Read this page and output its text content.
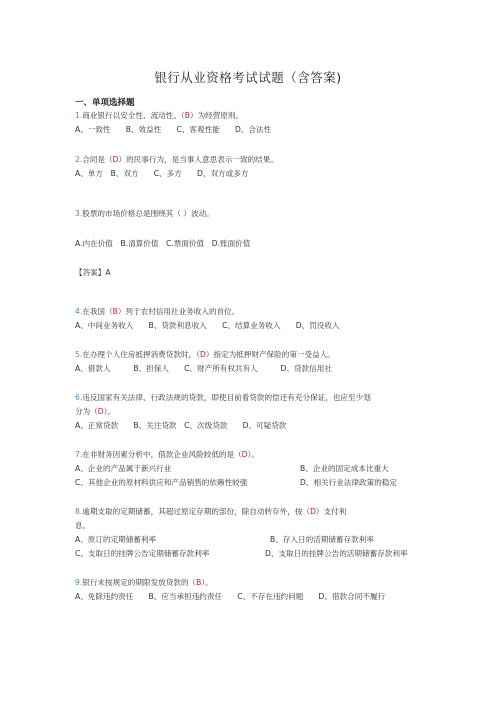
银行从业资格考试试题（含答案)
一、单项选择题
1.商业银行以安全性、流动性、（B）为经营原则。
A、一致性　　B、效益性　　C、客观性能　　D、合法性
2.合同是（D）的民事行为，是当事人意思表示一致的结果。
A、单方　B、双方　　C、多方　　D、双方或多方
3.股票的市场价格总是围绕其（ ）波动。
A.内在价值　B.清算价值　C.票面价值　D.账面价值
【答案】A
4.在我国（B）列于农村信用社业务收入的首位。
A、中间业务收入　　B、贷款利息收入　　C、结算业务收入　　D、罚没收入
5.在办理个人住房抵押消费贷款时，（D）指定为抵押财产保险的第一受益人。
A、借款人　　　B、担保人　　C、财产所有权共有人　　　D、贷款信用社
6.违反国家有关法律、行政法规的贷款，即使目前看贷款的偿还有充分保证，也应至少划
分为（D）。
A、正常贷款　　B、关注贷款　C、次级贷款　　D、可疑贷款
7.在非财务因素分析中，借款企业风险较低的是（D）。
A、企业的产品属于新兴行业	B、企业的固定成本比重大
C、其他企业的原材料供应和产品销售的依赖性较强	D、相关行业法律政策的稳定
8.逾期支取的定期储蓄，其超过原定存期的部份，除自动转存外，按（D）支付利
息。
A、原订的定期储蓄利率	B、存入日的活期储蓄存款利率
C、支取日的挂牌公告定期储蓄存款利率	D、支取日的挂牌公告的活期储蓄存款利率
9.银行未按规定的期限发放贷款的（B）。
A、免除违约责任　　B、应当承担违约责任　　C、不存在违约问题　　D、借款合同不履行
